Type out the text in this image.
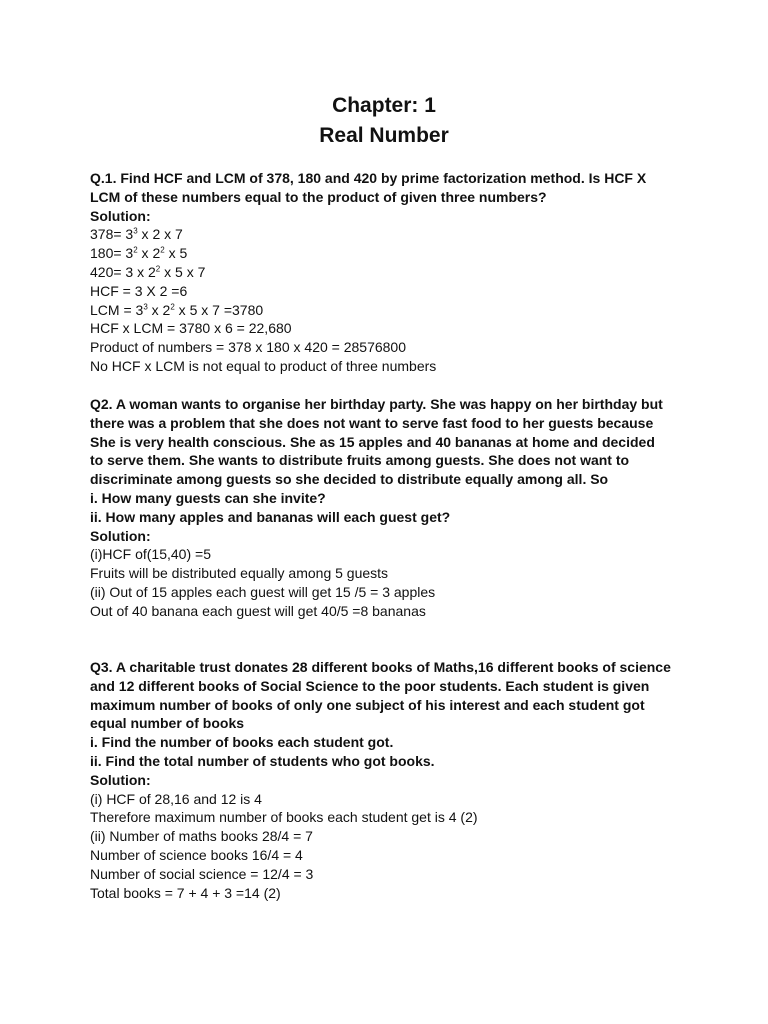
Chapter: 1
Real Number

Q.1. Find HCF and LCM of 378, 180 and 420 by prime factorization method. Is HCF X

LCM of these numbers equal to the product of given three numbers?

Solution:

$378= 3^3$ x 2 x 7

$180= 3^2$ x $2^2$ x 5

420= 3 x $2^2$ x 5 x 7

HCF = 3 X 2 =6

LCM = $3^3$ x $2^2$ x 5 x 7 =3780

HCF x LCM = 3780 x 6 = 22,680

Product of numbers = 378 x 180 x 420 = 28576800

No HCF x LCM is not equal to product of three numbers

Q2. A woman wants to organise her birthday party. She was happy on her birthday but

there was a problem that she does not want to serve fast food to her guests because

She is very health conscious. She as 15 apples and 40 bananas at home and decided

to serve them. She wants to distribute fruits among guests. She does not want to

discriminate among guests so she decided to distribute equally among all. So

i. How many guests can she invite?

ii. How many apples and bananas will each guest get?

Solution:

(i)HCF of(15,40) =5

Fruits will be distributed equally among 5 guests

(ii) Out of 15 apples each guest will get 15 /5 = 3 apples

Out of 40 banana each guest will get 40/5 =8 bananas

Q3. A charitable trust donates 28 different books of Maths,16 different books of science

and 12 different books of Social Science to the poor students. Each student is given

maximum number of books of only one subject of his interest and each student got

equal number of books

i. Find the number of books each student got.

ii. Find the total number of students who got books.

Solution:

(i) HCF of 28,16 and 12 is 4

Therefore maximum number of books each student get is 4 (2)

(ii) Number of maths books 28/4 = 7

Number of science books 16/4 = 4

Number of social science = 12/4 = 3

Total books = 7 + 4 + 3 =14 (2)
